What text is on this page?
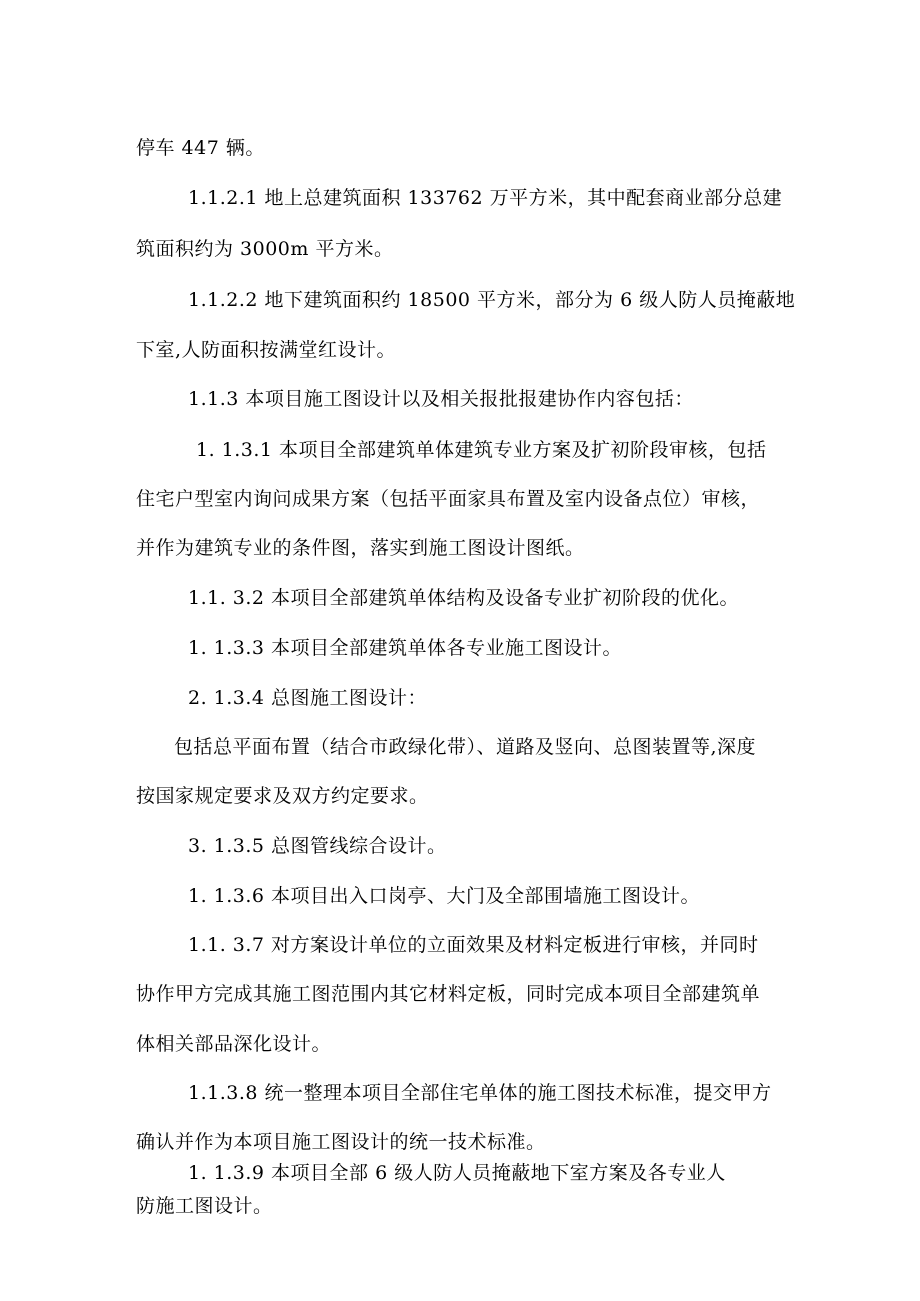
停车 447 辆。
1.1.2.1 地上总建筑面积 133762 万平方米，其中配套商业部分总建
筑面积约为 3000m 平方米。
1.1.2.2 地下建筑面积约 18500 平方米，部分为 6 级人防人员掩蔽地
下室,人防面积按满堂红设计。
1.1.3 本项目施工图设计以及相关报批报建协作内容包括：
1. 1.3.1 本项目全部建筑单体建筑专业方案及扩初阶段审核，包括
住宅户型室内询问成果方案（包括平面家具布置及室内设备点位）审核，
并作为建筑专业的条件图，落实到施工图设计图纸。
1.1. 3.2 本项目全部建筑单体结构及设备专业扩初阶段的优化。
1. 1.3.3 本项目全部建筑单体各专业施工图设计。
2. 1.3.4 总图施工图设计：
包括总平面布置（结合市政绿化带）、道路及竖向、总图装置等,深度
按国家规定要求及双方约定要求。
3. 1.3.5 总图管线综合设计。
1. 1.3.6 本项目出入口岗亭、大门及全部围墙施工图设计。
1.1. 3.7 对方案设计单位的立面效果及材料定板进行审核，并同时
协作甲方完成其施工图范围内其它材料定板，同时完成本项目全部建筑单
体相关部品深化设计。
1.1.3.8 统一整理本项目全部住宅单体的施工图技术标准，提交甲方
确认并作为本项目施工图设计的统一技术标准。
1. 1.3.9 本项目全部 6 级人防人员掩蔽地下室方案及各专业人
防施工图设计。
